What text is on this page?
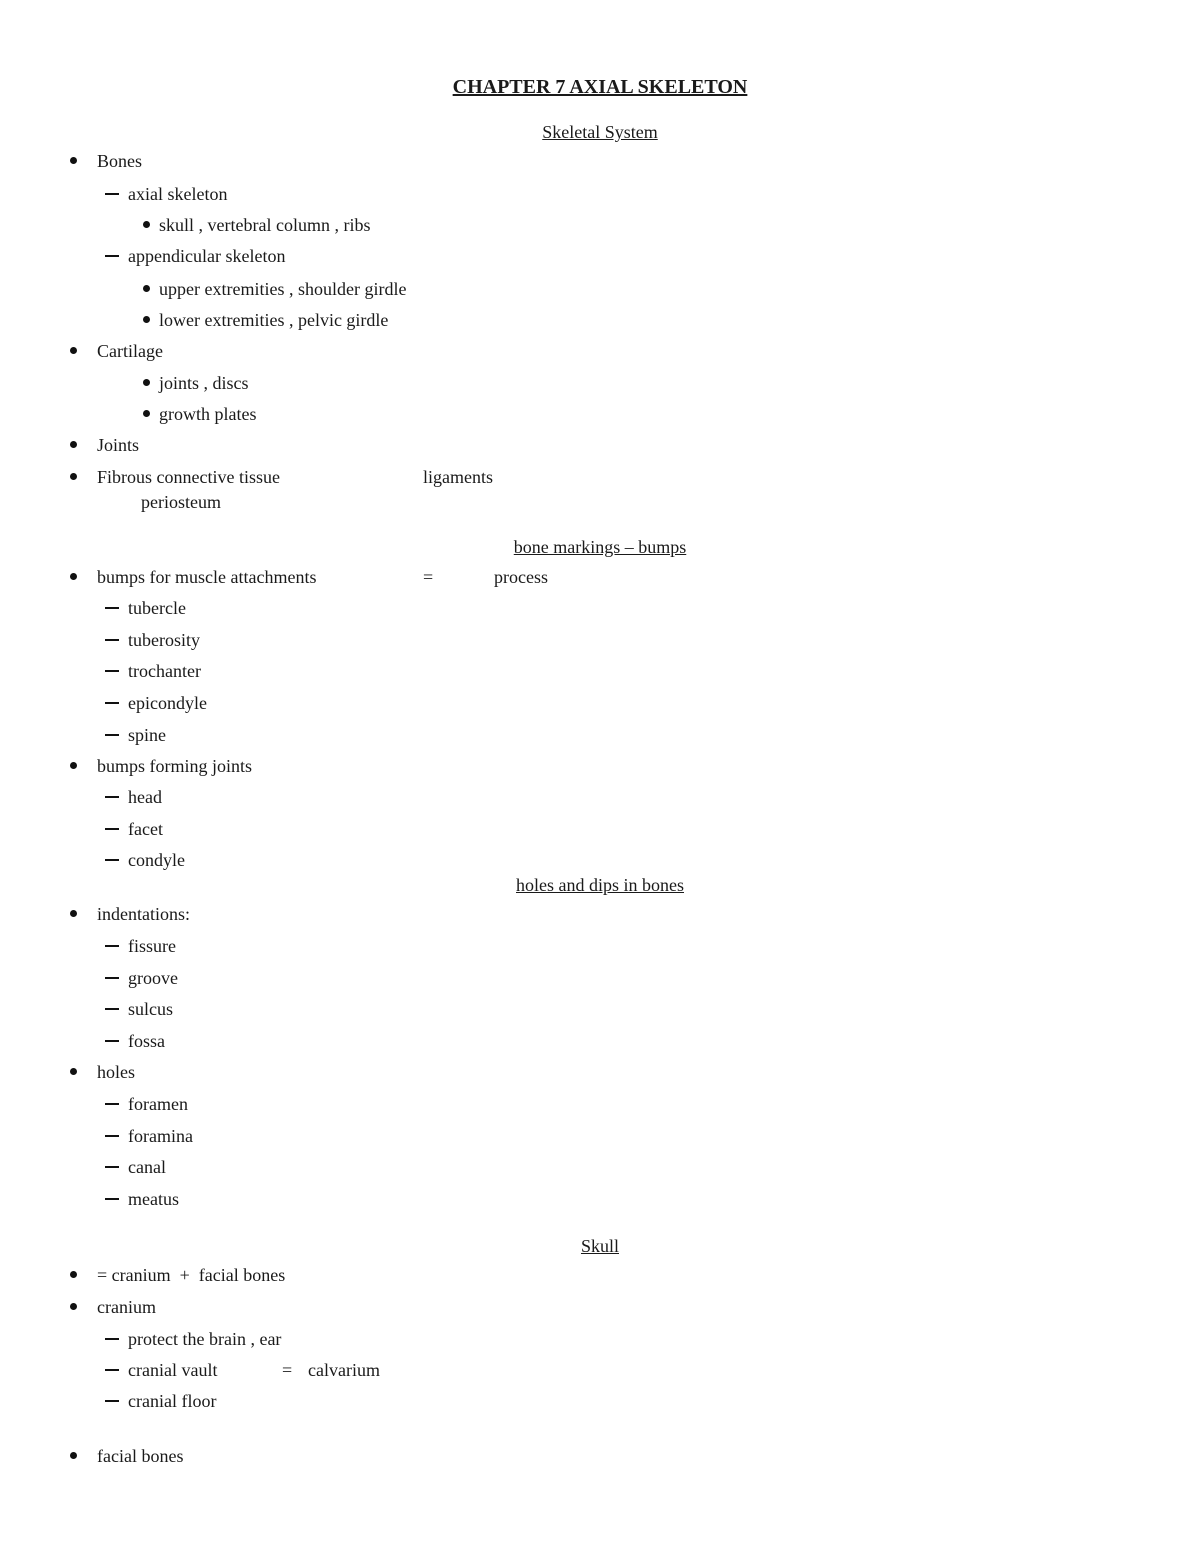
CHAPTER 7 AXIAL SKELETON
Skeletal System
Bones
axial skeleton
skull , vertebral column , ribs
appendicular skeleton
upper extremities , shoulder girdle
lower extremities , pelvic girdle
Cartilage
joints , discs
growth plates
Joints
Fibrous connective tissue	ligaments
periosteum
bone markings – bumps
bumps for muscle attachments	=	process
tubercle
tuberosity
trochanter
epicondyle
spine
bumps forming joints
head
facet
condyle
holes and dips in bones
indentations:
fissure
groove
sulcus
fossa
holes
foramen
foramina
canal
meatus
Skull
= cranium  +  facial bones
cranium
protect the brain , ear
cranial vault	= calvarium
cranial floor
facial bones
